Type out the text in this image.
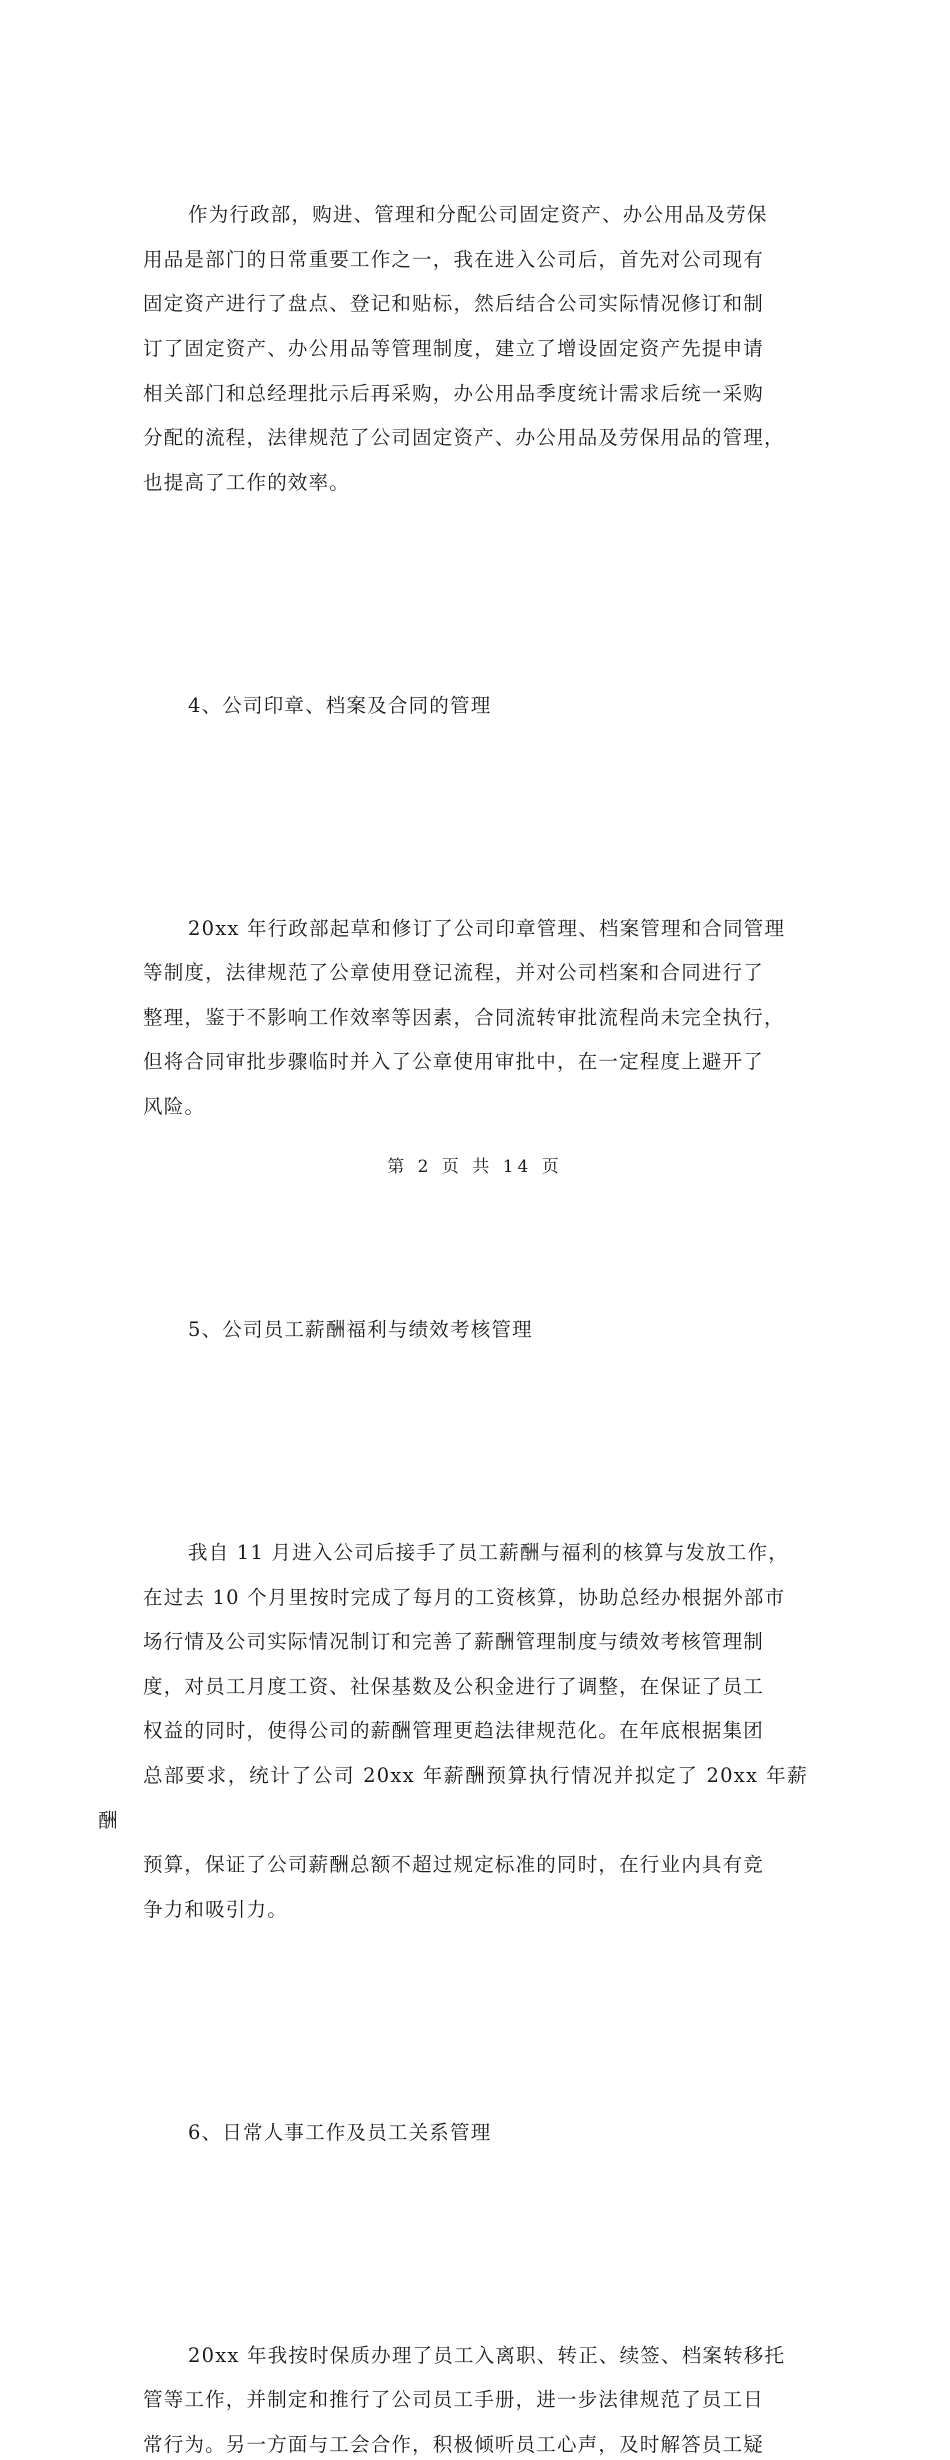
作为行政部，购进、管理和分配公司固定资产、办公用品及劳保
用品是部门的日常重要工作之一，我在进入公司后，首先对公司现有
固定资产进行了盘点、登记和贴标，然后结合公司实际情况修订和制
订了固定资产、办公用品等管理制度，建立了增设固定资产先提申请
相关部门和总经理批示后再采购，办公用品季度统计需求后统一采购
分配的流程，法律规范了公司固定资产、办公用品及劳保用品的管理，
也提高了工作的效率。

4、公司印章、档案及合同的管理

20xx 年行政部起草和修订了公司印章管理、档案管理和合同管理
等制度，法律规范了公章使用登记流程，并对公司档案和合同进行了
整理，鉴于不影响工作效率等因素，合同流转审批流程尚未完全执行，
但将合同审批步骤临时并入了公章使用审批中，在一定程度上避开了
风险。

5、公司员工薪酬福利与绩效考核管理

我自 11 月进入公司后接手了员工薪酬与福利的核算与发放工作，
在过去 10 个月里按时完成了每月的工资核算，协助总经办根据外部市
场行情及公司实际情况制订和完善了薪酬管理制度与绩效考核管理制
度，对员工月度工资、社保基数及公积金进行了调整，在保证了员工
权益的同时，使得公司的薪酬管理更趋法律规范化。在年底根据集团
总部要求，统计了公司 20xx 年薪酬预算执行情况并拟定了 20xx 年薪酬
预算，保证了公司薪酬总额不超过规定标准的同时，在行业内具有竞
争力和吸引力。

6、日常人事工作及员工关系管理

20xx 年我按时保质办理了员工入离职、转正、续签、档案转移托
管等工作，并制定和推行了公司员工手册，进一步法律规范了员工日
常行为。另一方面与工会合作，积极倾听员工心声，及时解答员工疑

第 2 页 共 14 页
